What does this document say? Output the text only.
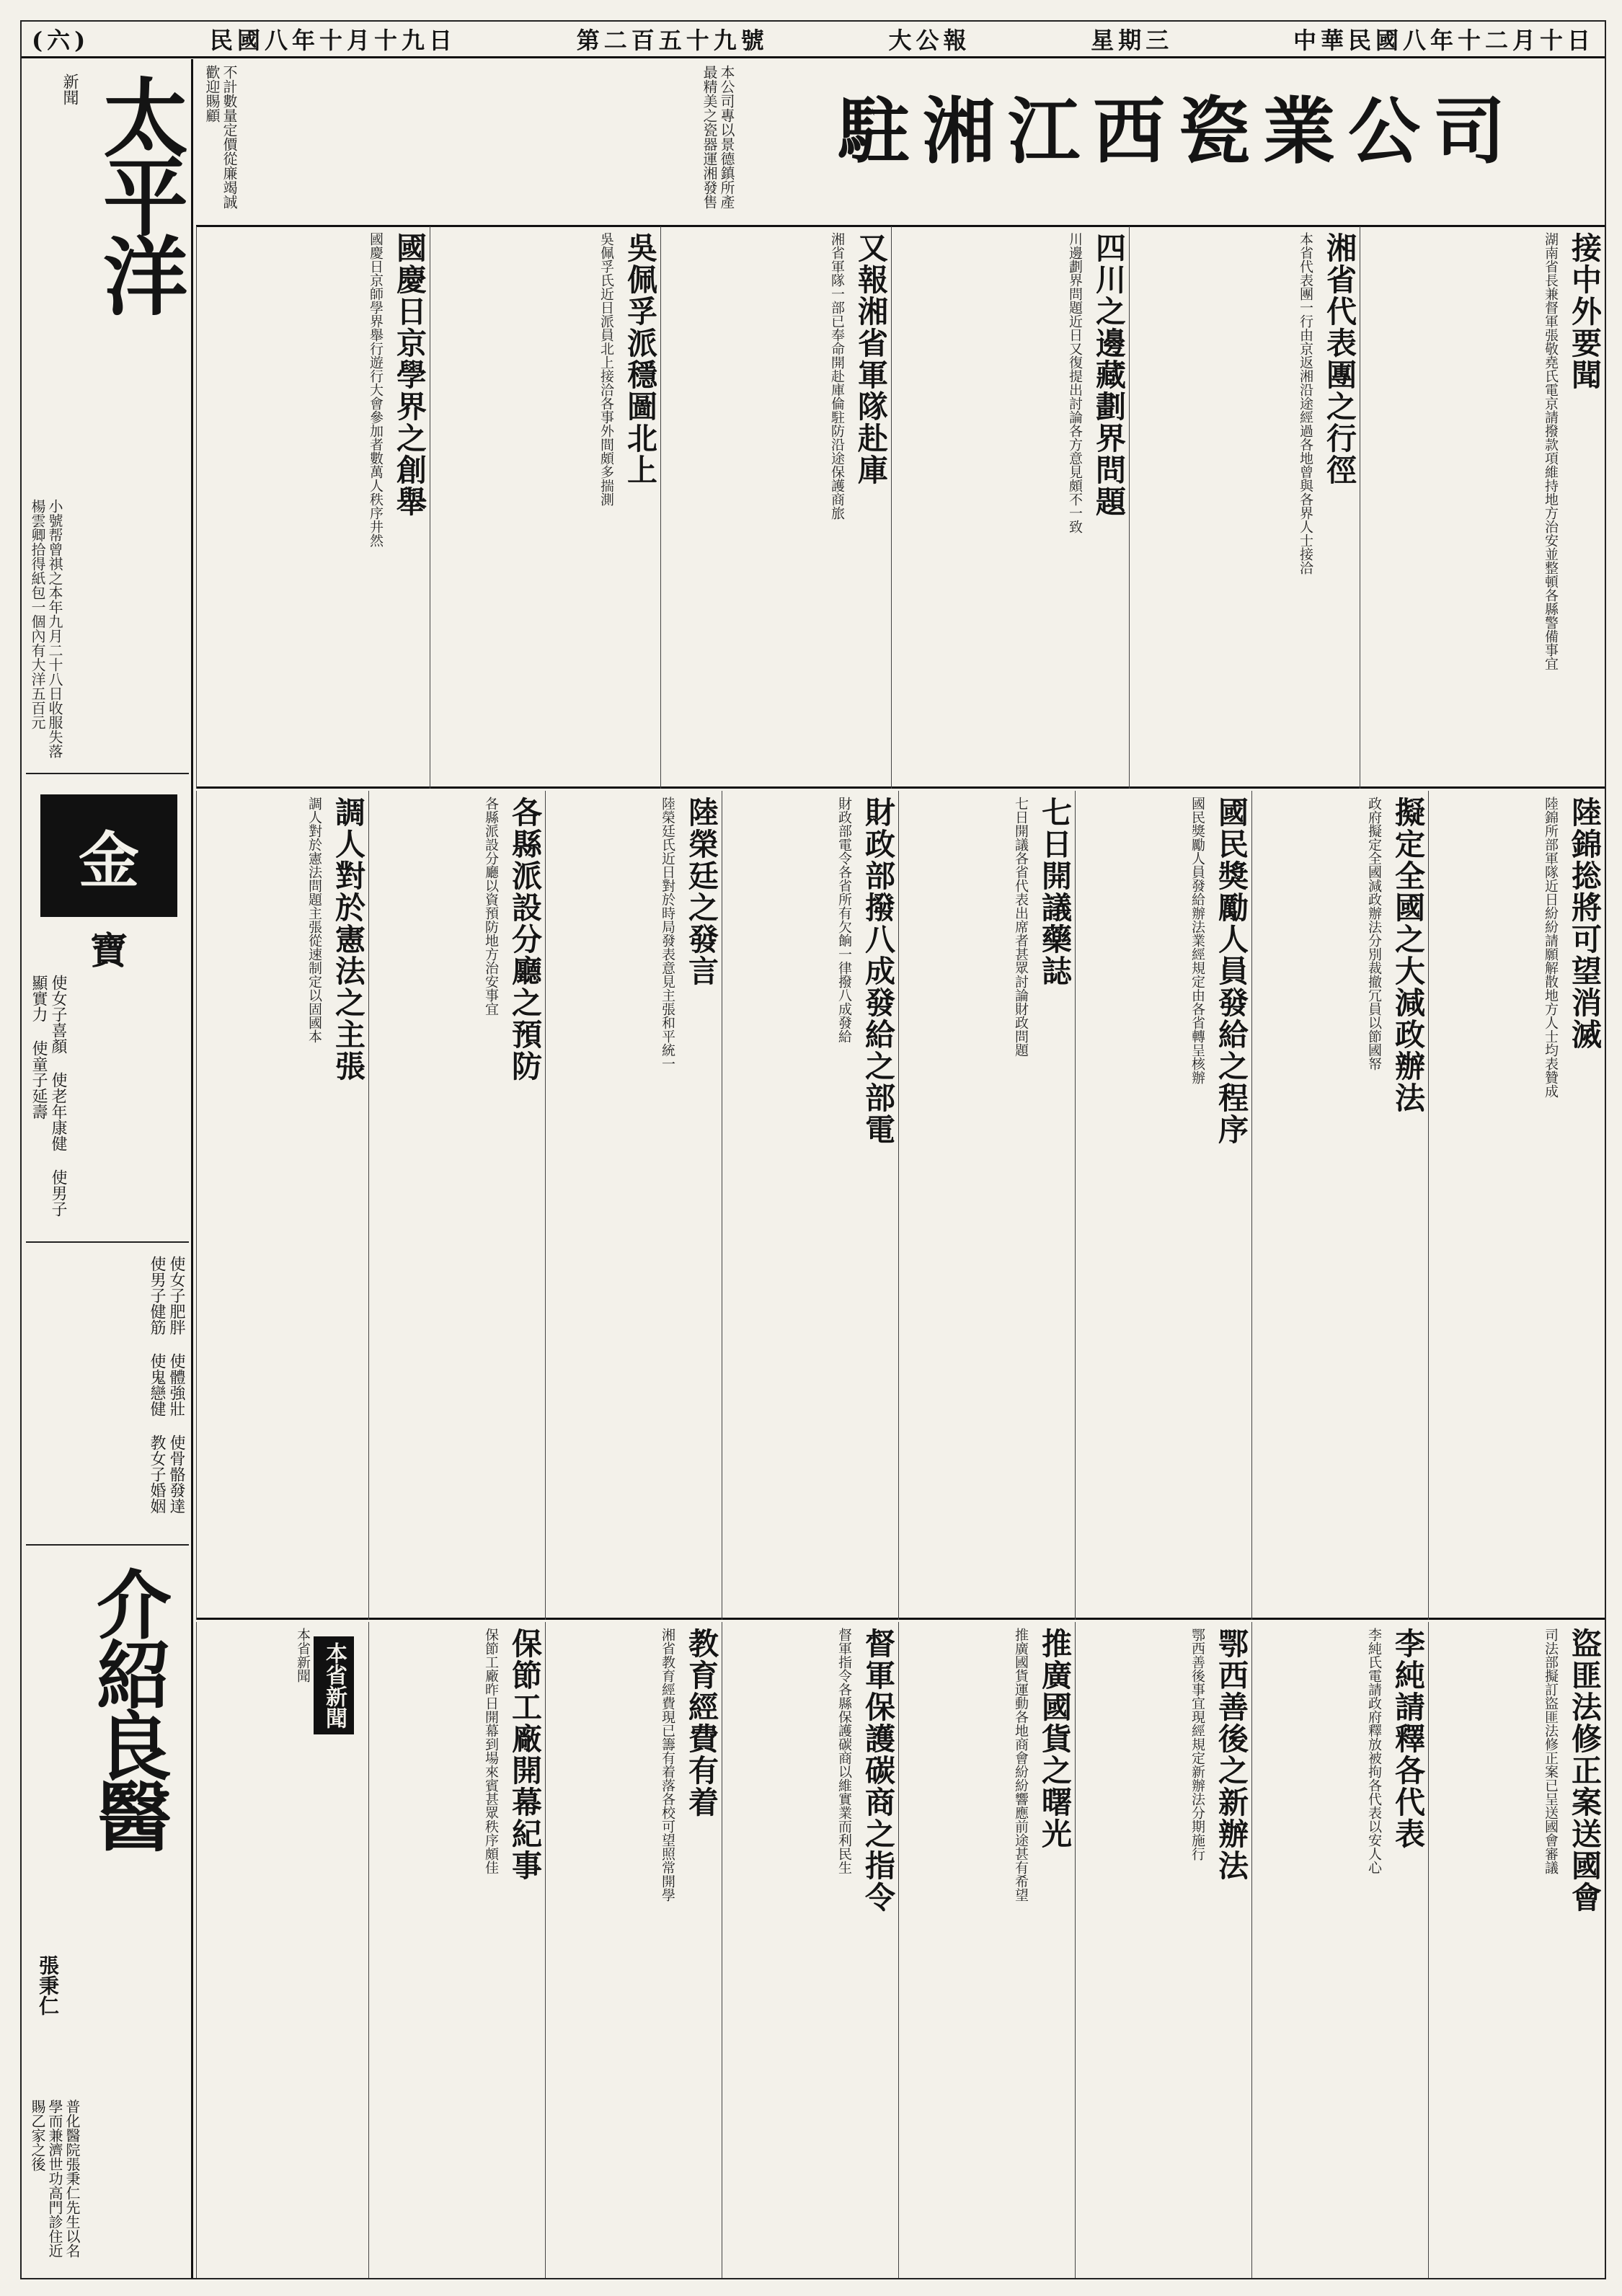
(六)	民國八年十月十九日	第二百五十九號	大公報	星期三	中華民國八年十二月十日
太平洋
新聞
小號帮曾祺之本年九月二十八日收服失落楊雲卿拾得紙包一個內有大洋五百元
金
寶
使女子喜顏 使老年康健 使男子顯實力 使童子延壽
使女子肥胖 使體強壯 使骨骼發達 使男子健筋 使鬼戀健 教女子婚姻
介紹良醫
張秉仁
普化醫院張秉仁先生以名學而兼濟世功高門診住近賜乙家之後
駐湘江西瓷業公司
不計數量定價從廉竭誠歡迎賜顧	本公司專以景德鎮所產最精美之瓷器運湘發售
接中外要聞
湖南省長兼督軍張敬堯氏電京請撥款項維持地方治安並整頓各縣警備事宜
湘省代表團之行徑
本省代表團一行由京返湘沿途經過各地曾與各界人士接洽
四川之邊藏劃界問題
川邊劃界問題近日又復提出討論各方意見頗不一致
又報湘省軍隊赴庫
湘省軍隊一部已奉命開赴庫倫駐防沿途保護商旅
吳佩孚派穩圖北上
吳佩孚氏近日派員北上接洽各事外間頗多揣測
國慶日京學界之創舉
國慶日京師學界舉行遊行大會參加者數萬人秩序井然
陸錦捴將可望消滅
陸錦所部軍隊近日紛紛請願解散地方人士均表贊成
擬定全國之大減政辦法
政府擬定全國減政辦法分別裁撤冗員以節國帑
國民獎勵人員發給之程序
國民獎勵人員發給辦法業經規定由各省轉呈核辦
七日開議藥誌
七日開議各省代表出席者甚眾討論財政問題
財政部撥八成發給之部電
財政部電令各省所有欠餉一律撥八成發給
陸榮廷之發言
陸榮廷氏近日對於時局發表意見主張和平統一
各縣派設分廳之預防
各縣派設分廳以資預防地方治安事宜
調人對於憲法之主張
調人對於憲法問題主張從速制定以固國本
盜匪法修正案送國會
司法部擬訂盜匪法修正案已呈送國會審議
李純請釋各代表
李純氏電請政府釋放被拘各代表以安人心
鄂西善後之新辦法
鄂西善後事宜現經規定新辦法分期施行
推廣國貨之曙光
推廣國貨運動各地商會紛紛響應前途甚有希望
督軍保護碳商之指令
督軍指令各縣保護碳商以維實業而利民生
教育經費有着
湘省教育經費現已籌有着落各校可望照常開學
保節工廠開幕紀事
保節工廠昨日開幕到場來賓甚眾秩序頗佳
本省新聞
本省新聞
